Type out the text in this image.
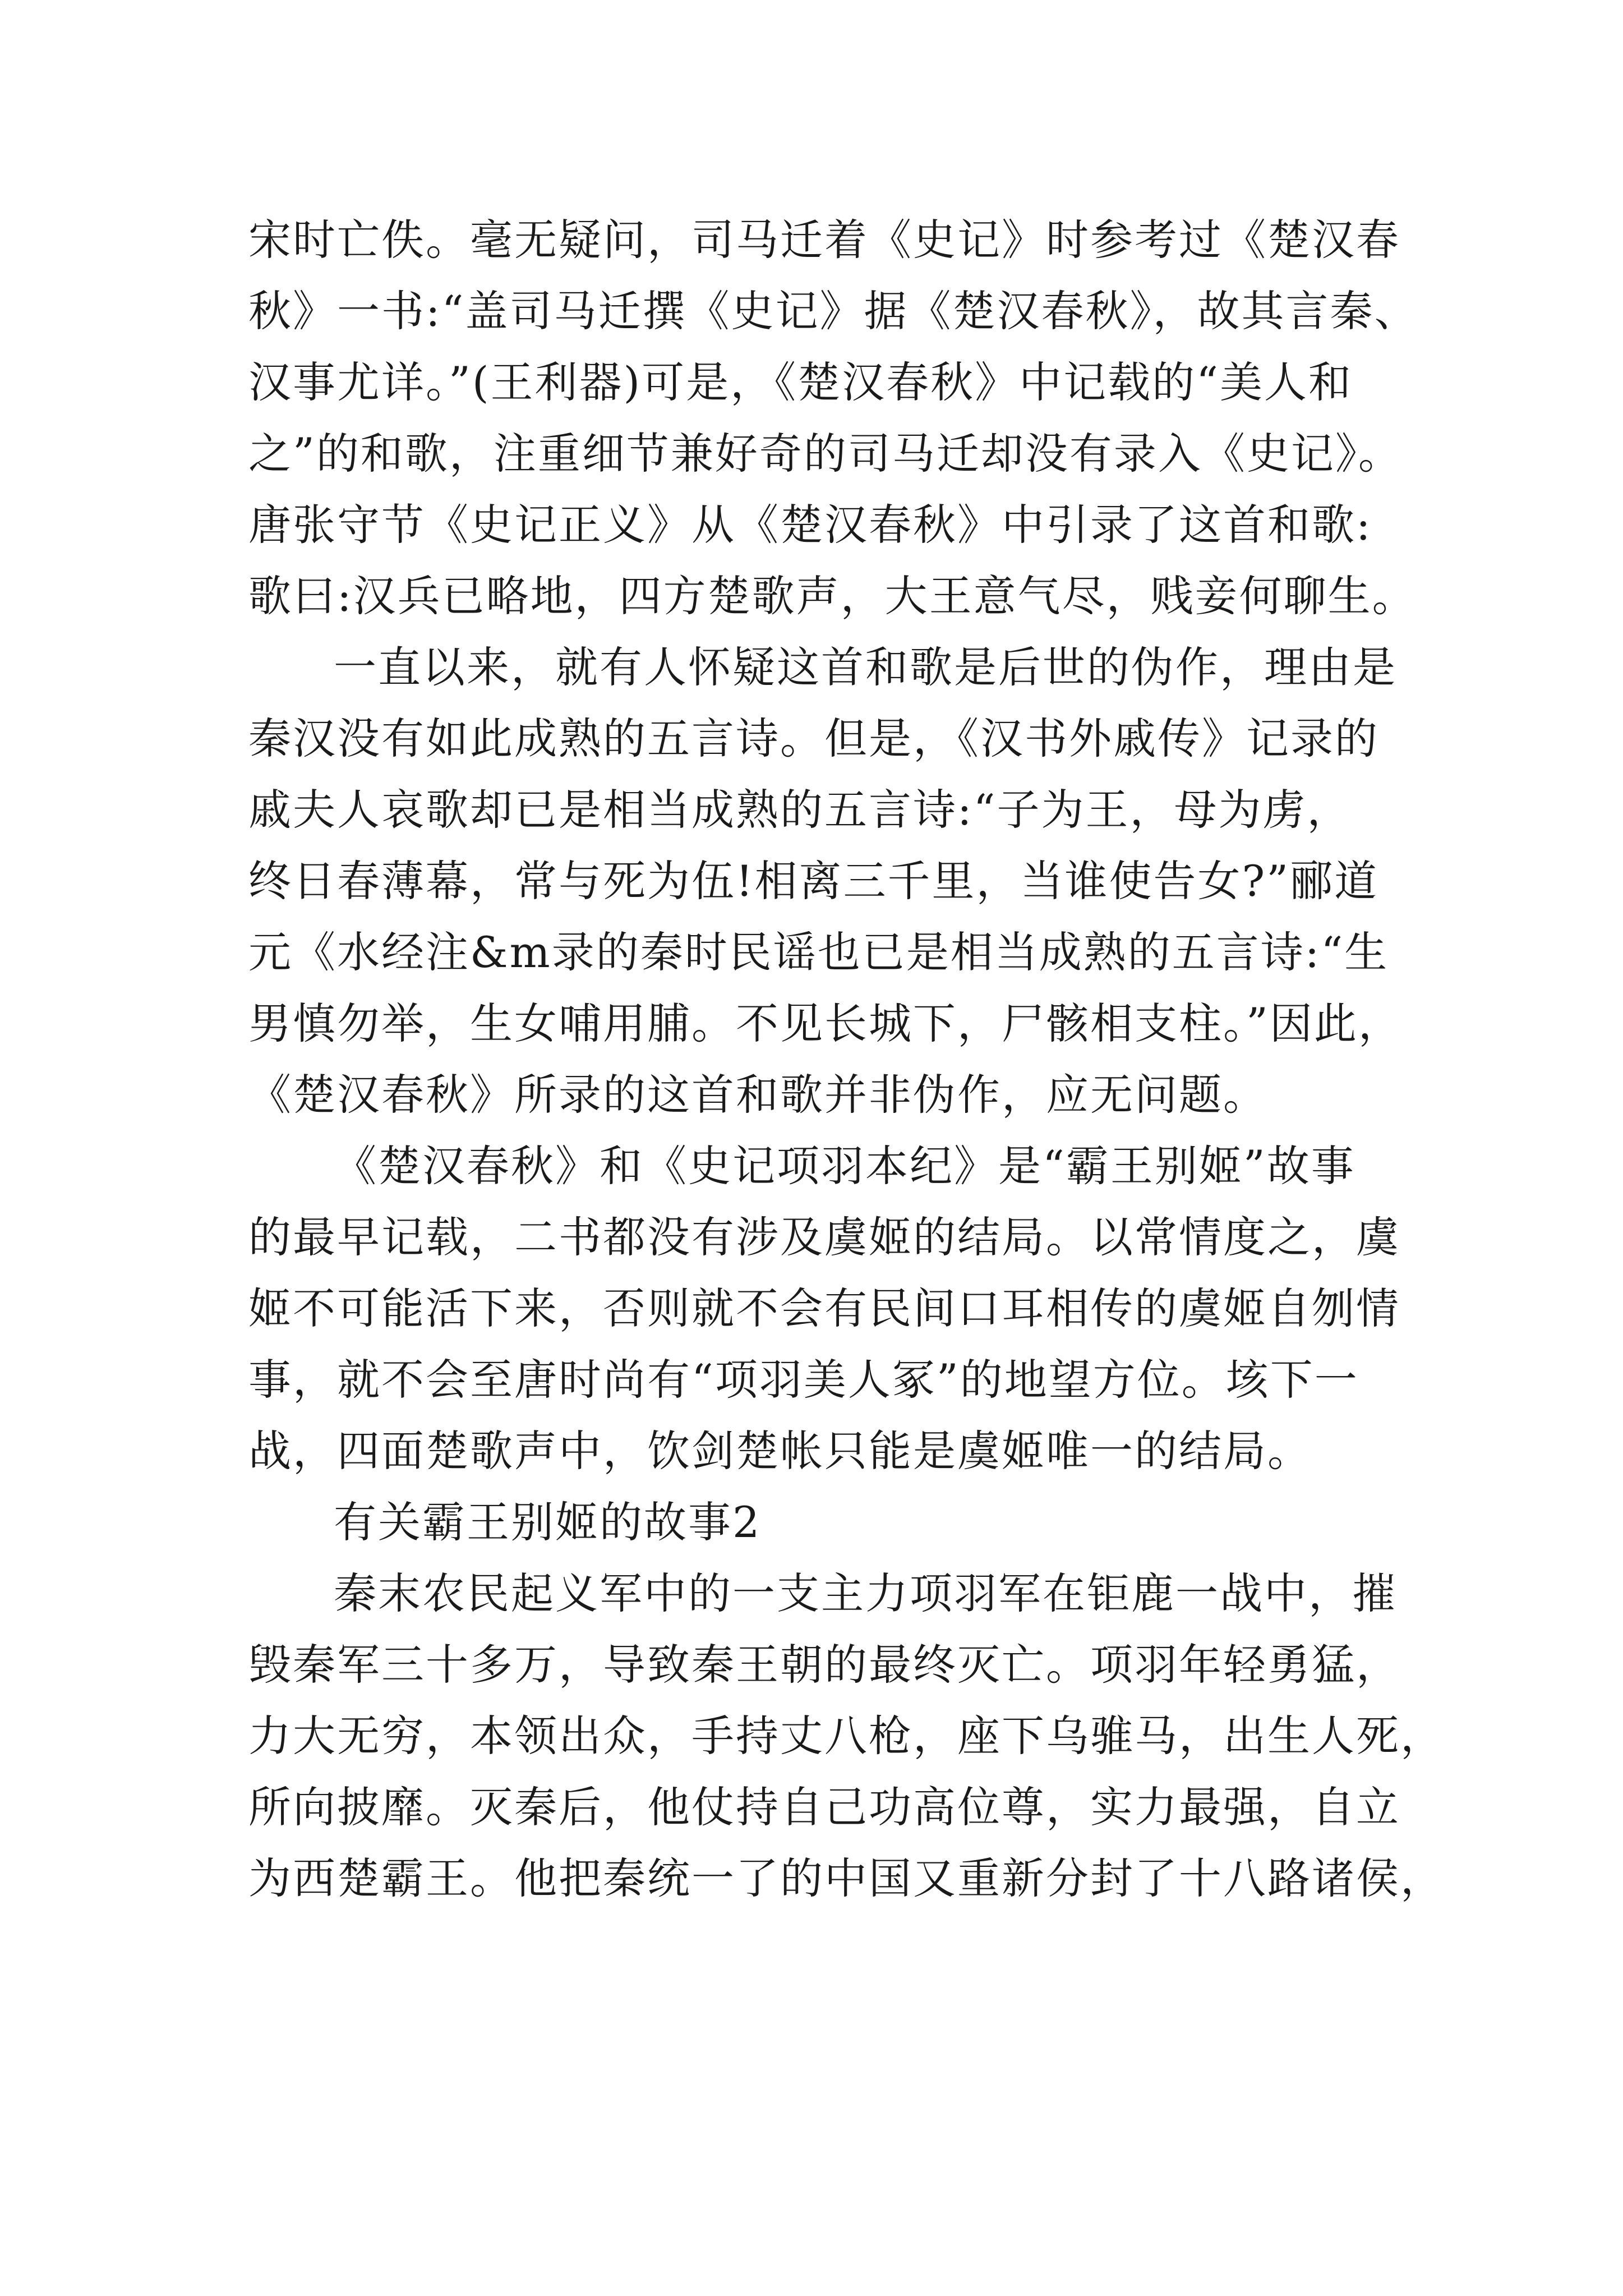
宋时亡佚。毫无疑问，司马迁着《史记》时参考过《楚汉春
秋》一书:“盖司马迁撰《史记》据《楚汉春秋》，故其言秦、
汉事尤详。”(王利器)可是，《楚汉春秋》中记载的“美人和
之”的和歌，注重细节兼好奇的司马迁却没有录入《史记》。
唐张守节《史记正义》从《楚汉春秋》中引录了这首和歌:
歌曰:汉兵已略地，四方楚歌声，大王意气尽，贱妾何聊生。
一直以来，就有人怀疑这首和歌是后世的伪作，理由是
秦汉没有如此成熟的五言诗。但是，《汉书外戚传》记录的
戚夫人哀歌却已是相当成熟的五言诗:“子为王，母为虏，
终日春薄幕，常与死为伍!相离三千里，当谁使告女?”郦道
元《水经注&m录的秦时民谣也已是相当成熟的五言诗:“生
男慎勿举，生女哺用脯。不见长城下，尸骸相支柱。”因此，
《楚汉春秋》所录的这首和歌并非伪作，应无问题。
《楚汉春秋》和《史记项羽本纪》是“霸王别姬”故事
的最早记载，二书都没有涉及虞姬的结局。以常情度之，虞
姬不可能活下来，否则就不会有民间口耳相传的虞姬自刎情
事，就不会至唐时尚有“项羽美人冢”的地望方位。垓下一
战，四面楚歌声中，饮剑楚帐只能是虞姬唯一的结局。
有关霸王别姬的故事2
秦末农民起义军中的一支主力项羽军在钜鹿一战中，摧
毁秦军三十多万，导致秦王朝的最终灭亡。项羽年轻勇猛，
力大无穷，本领出众，手持丈八枪，座下乌骓马，出生人死，
所向披靡。灭秦后，他仗持自己功高位尊，实力最强，自立
为西楚霸王。他把秦统一了的中国又重新分封了十八路诸侯，
